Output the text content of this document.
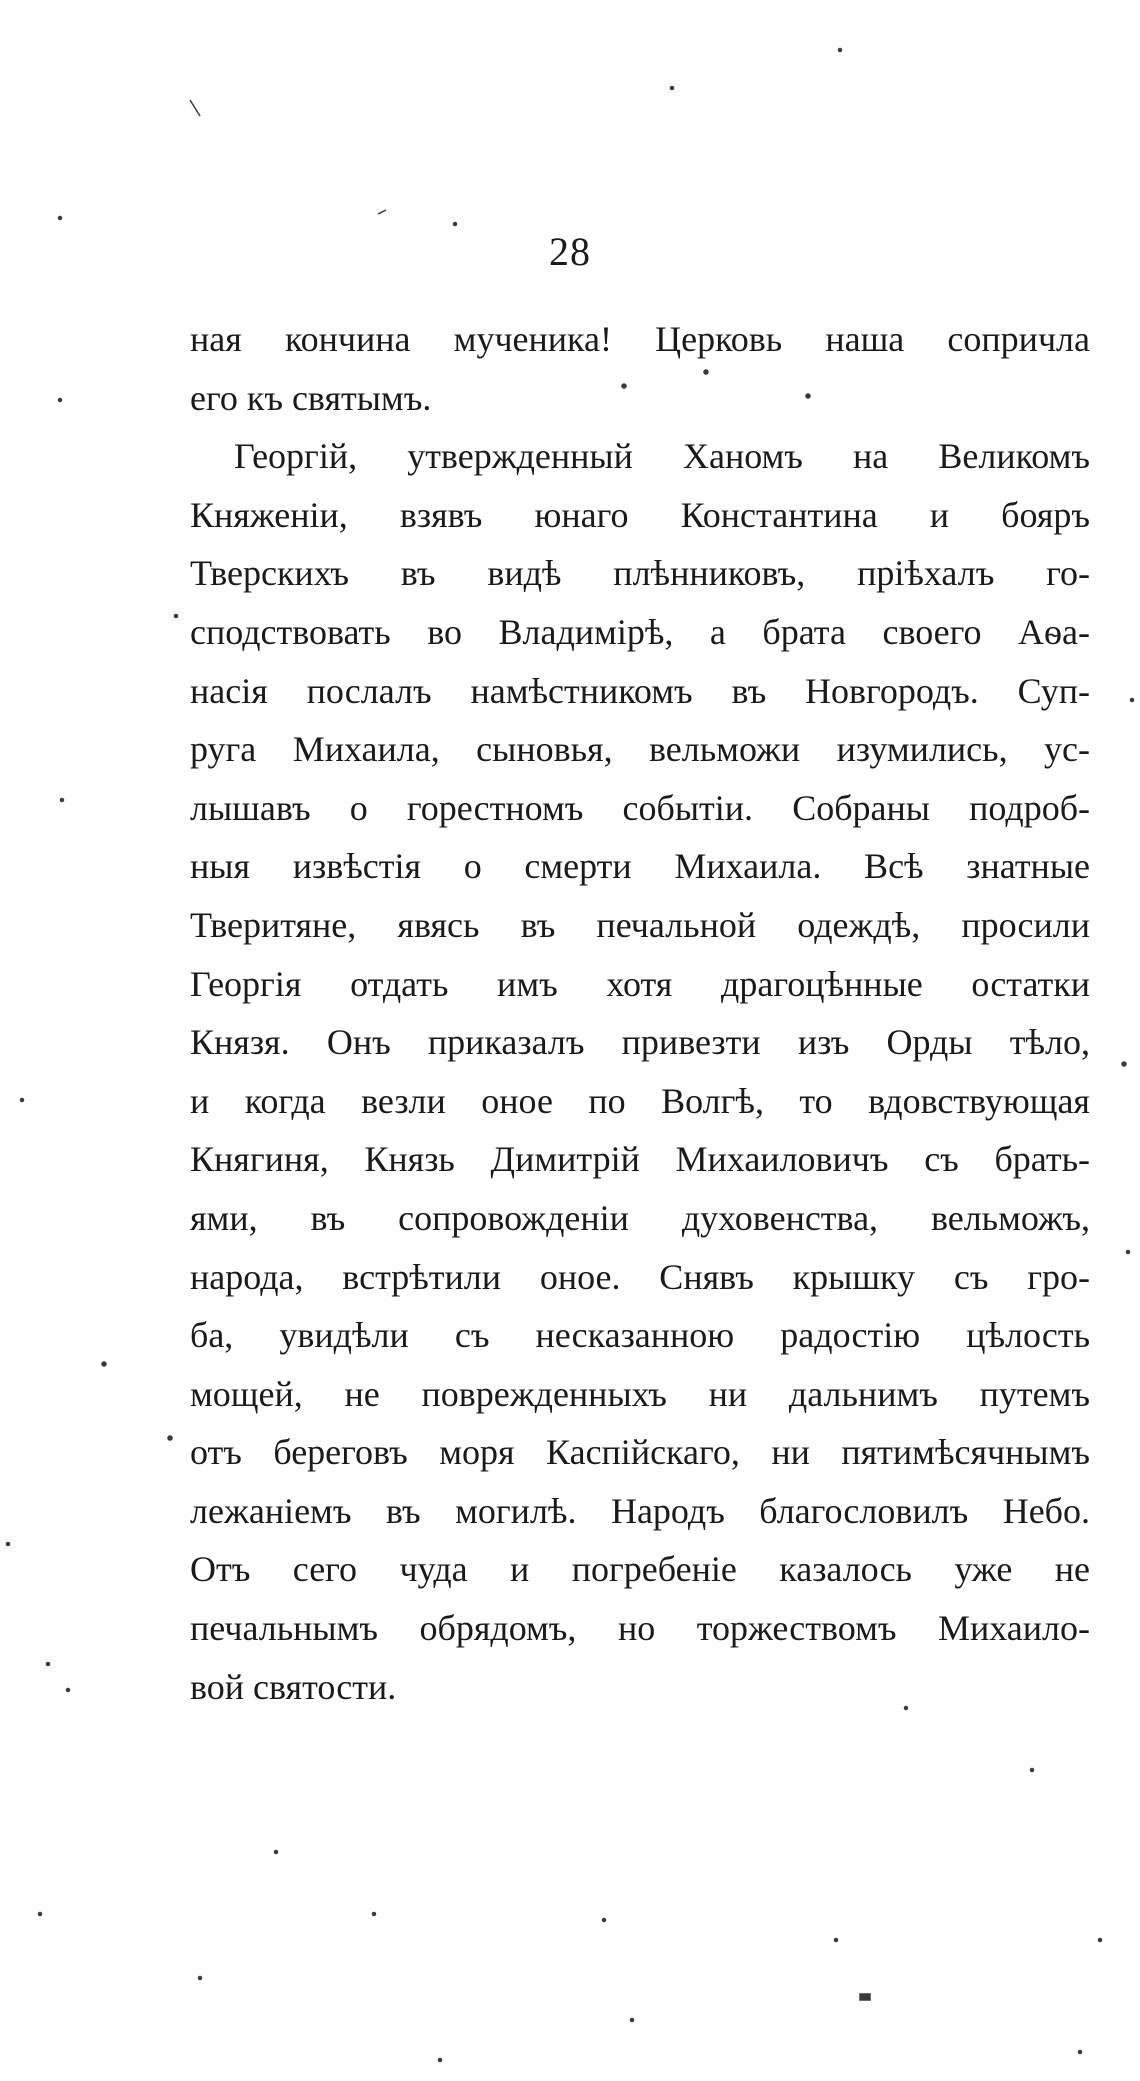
28
ная кончина мученика! Церковь наша сопричла
его къ святымъ.
Георгій, утвержденный Ханомъ на Великомъ
Княженіи, взявъ юнаго Константина и бояръ
Тверскихъ въ видѣ плѣнниковъ, пріѣхалъ го-
сподствовать во Владимірѣ, а брата своего Аѳа-
насія послалъ намѣстникомъ въ Новгородъ. Суп-
руга Михаила, сыновья, вельможи изумились, ус-
лышавъ о горестномъ событіи. Собраны подроб-
ныя извѣстія о смерти Михаила. Всѣ знатные
Тверитяне, явясь въ печальной одеждѣ, просили
Георгія отдать имъ хотя драгоцѣнные остатки
Князя. Онъ приказалъ привезти изъ Орды тѣло,
и когда везли оное по Волгѣ, то вдовствующая
Княгиня, Князь Димитрій Михаиловичъ съ брать-
ями, въ сопровожденіи духовенства, вельможъ,
народа, встрѣтили оное. Снявъ крышку съ гро-
ба, увидѣли съ несказанною радостію цѣлость
мощей, не поврежденныхъ ни дальнимъ путемъ
отъ береговъ моря Каспійскаго, ни пятимѣсячнымъ
лежаніемъ въ могилѣ. Народъ благословилъ Небо.
Отъ сего чуда и погребеніе казалось уже не
печальнымъ обрядомъ, но торжествомъ Михаило-
вой святости.
